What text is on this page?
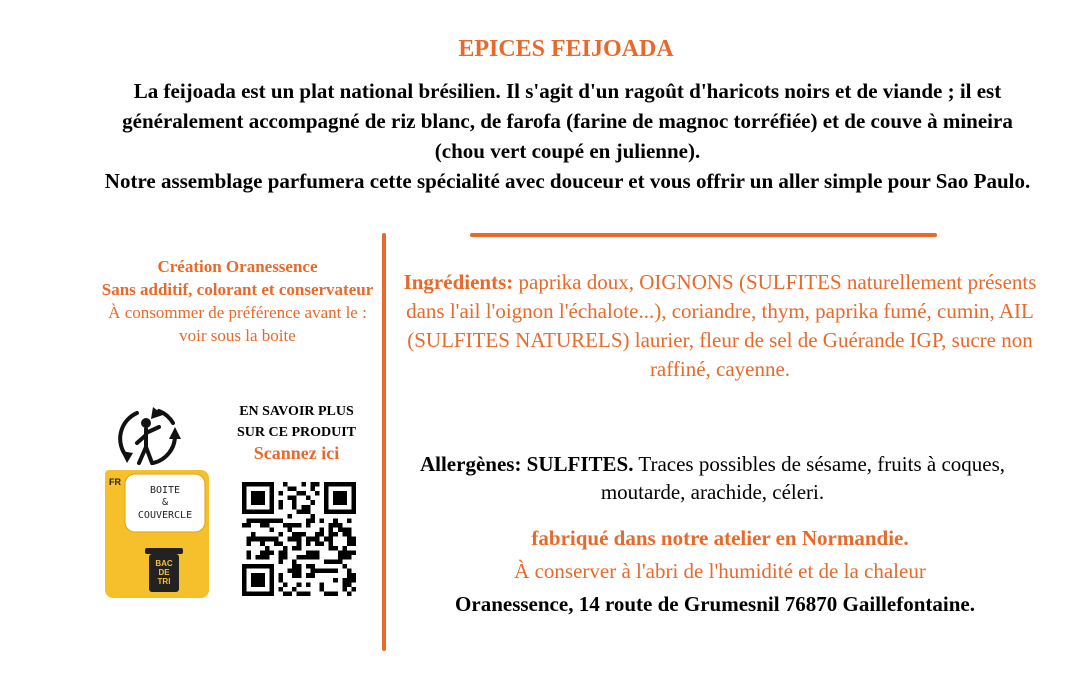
EPICES FEIJOADA

La feijoada est un plat national brésilien. Il s'agit d'un ragoût d'haricots noirs et de viande ; il est généralement accompagné de riz blanc, de farofa (farine de magnoc torréfiée) et de couve à mineira (chou vert coupé en julienne).

Notre assemblage parfumera cette spécialité avec douceur et vous offrir un aller simple pour Sao Paulo.

Création Oranessence
Sans additif, colorant et conservateur
À consommer de préférence avant le : voir sous la boite
FR
BOITE
&
COUVERCLE
BAC
DE
TRI
EN SAVOIR PLUS
SUR CE PRODUIT
Scannez ici
Ingrédients: paprika doux, OIGNONS (SULFITES naturellement présents dans l'ail l'oignon l'échalote...), coriandre, thym, paprika fumé, cumin, AIL (SULFITES NATURELS) laurier, fleur de sel de Guérande IGP, sucre non raffiné, cayenne.
Allergènes: SULFITES. Traces possibles de sésame, fruits à coques, moutarde, arachide, céleri.
fabriqué dans notre atelier en Normandie.
À conserver à l'abri de l'humidité et de la chaleur
Oranessence, 14 route de Grumesnil 76870 Gaillefontaine.
